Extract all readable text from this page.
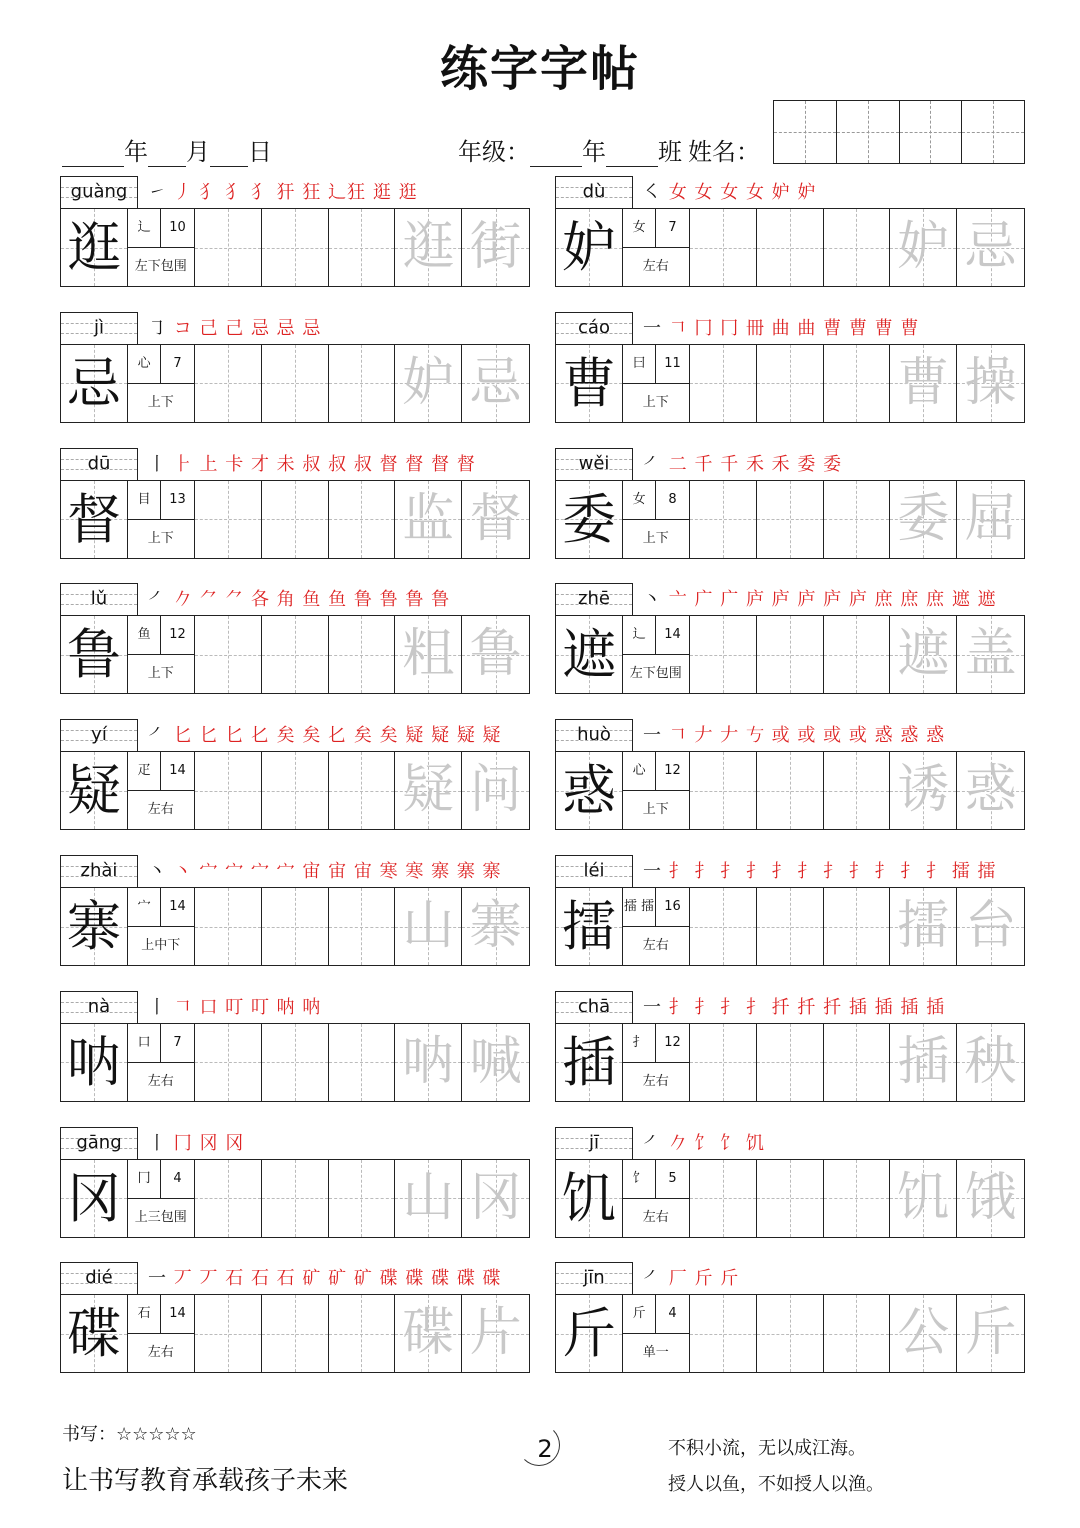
练字字帖
年 月 日	年级： 年 班 姓名：
guàng	㇀ 丿 犭 犭 犭 犴 狂 ⻌狂 逛 逛
逛	辶	10
左下包围	逛 街
dù	㇛ 女 女 女 女 妒 妒
妒	女	7
左右	妒 忌
jì	㇆ コ 己 己 忌 忌 忌
忌	心	7
上下	妒 忌
cáo	一 𠃍 冂 冂 冊 曲 曲 曹 曹 曹 曹
曹	曰	11
上下	曹 操
dū	丨 ⺊ 上 卡 才 未 叔 叔 叔 督 督 督 督
督	目	13
上下	监 督
wěi	㇒ 二 千 千 禾 禾 委 委
委	女	8
上下	委 屈
lǔ	㇒ 𠂊 ⺈ ⺈ 各 角 鱼 鱼 鲁 鲁 鲁 鲁
鲁	鱼	12
上下	粗 鲁
zhē	丶 亠 广 广 庐 庐 庐 庐 庐 庶 庶 庶 遮 遮
遮	辶	14
左下包围	遮 盖
yí	㇒ 匕 匕 匕 𠤎 矣 矣 𠤎 矣 矣 疑 疑 疑 疑
疑	疋	14
左右	疑 问
huò	一 𠃍 𠂇 𠂇 𠀁 或 或 或 或 惑 惑 惑
惑	心	12
上下	诱 惑
zhài	丶 丶 宀 宀 宀 宀 宙 宙 宙 寒 寒 寨 寨 寨
寨	宀	14
上中下	山 寨
léi	一 扌 扌 扌 扌 扌 扌 扌 扌 扌 扌 扌 擂 擂
擂 擂 擂 16
左右	擂 台
nà	丨 𠃍 口 叮 叮 呐 呐
呐	口	7
左右	呐 喊
chā	一 扌 扌 扌 扌 扦 扦 扦 插 插 插 插
插	扌	12
左右	插 秧
gāng	丨 冂 冈 冈
冈	冂	4
上三包围	山 冈
jī	㇒ 𠂊 饣 饣 饥
饥	饣	5
左右	饥 饿
dié	一 丆 丆 石 石 石 矿 矿 矿 碟 碟 碟 碟 碟
碟	石	14
左右	碟 片
jīn	㇒ 厂 斤 斤
斤	斤	4
单一	公 斤
书写：☆☆☆☆☆
让书写教育承载孩子未来
2	不积小流，无以成江海。
授人以鱼，不如授人以渔。
